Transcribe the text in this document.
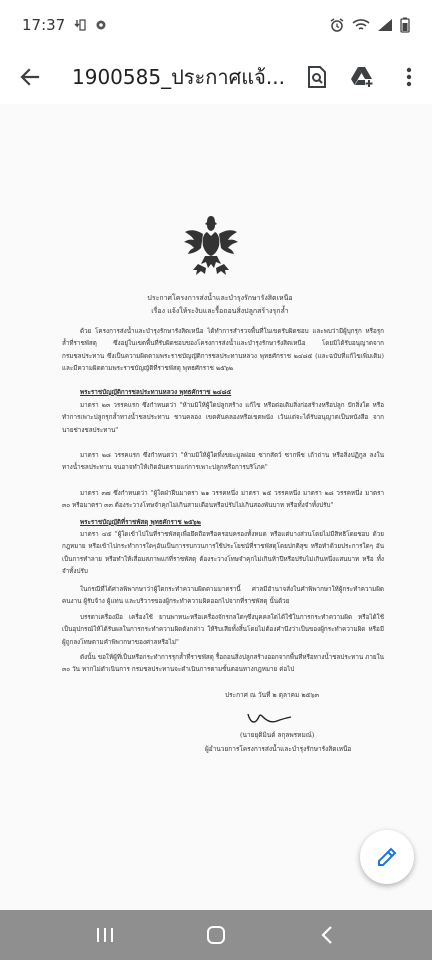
17:37
1900585_ประกาศแจ้...
ประกาศโครงการส่งน้ำและบำรุงรักษารังสิตเหนือ
เรื่อง แจ้งให้ระงับและรื้อถอนสิ่งปลูกสร้างรุกล้ำ
ด้วย โครงการส่งน้ำและบำรุงรักษารังสิตเหนือ ได้ทำการสำรวจพื้นที่ในเขตรับผิดชอบ และพบว่ามีผู้บุกรุก หรือรุกล้ำที่ราชพัสดุ ซึ่งอยู่ในเขตพื้นที่รับผิดชอบของโครงการส่งน้ำและบำรุงรักษารังสิตเหนือ โดยมิได้รับอนุญาตจาก กรมชลประทาน ซึ่งเป็นความผิดตามพระราชบัญญัติการชลประทานหลวง พุทธศักราช ๒๔๘๕ (และฉบับที่แก้ไขเพิ่มเติม) และมีความผิดตามพระราชบัญญัติที่ราชพัสดุ พุทธศักราช ๒๕๖๒
พระราชบัญญัติการชลประทานหลวง พุทธศักราช ๒๔๘๕
มาตรา ๒๓ วรรคแรก ซึ่งกำหนดว่า "ห้ามมิให้ผู้ใดปลูกสร้าง แก้ไข หรือต่อเติมสิ่งก่อสร้างหรือปลูก ปักสิ่งใด หรือทำการเพาะปลูกรุกล้ำทางน้ำชลประทาน ชานคลอง เขตคันคลองหรือเขตพนัง เว้นแต่จะได้รับอนุญาตเป็นหนังสือ จากนายช่างชลประทาน"
มาตรา ๒๘ วรรคแรก ซึ่งกำหนดว่า "ห้ามมิให้ผู้ใดทิ้งขยะมูลฝอย ซากสัตว์ ซากพืช เถ้าถ่าน หรือสิ่งปฏิกูล ลงในทางน้ำชลประทาน จนอาจทำให้เกิดอันตรายแก่การเพาะปลูกหรือการบริโภค"
มาตรา ๓๗ ซึ่งกำหนดว่า "ผู้ใดฝ่าฝืนมาตรา ๒๑ วรรคหนึ่ง มาตรา ๒๕ วรรคหนึ่ง มาตรา ๒๘ วรรคหนึ่ง มาตรา ๓๐ หรือมาตรา ๓๓ ต้องระวางโทษจำคุกไม่เกินสามเดือนหรือปรับไม่เกินสองพันบาท หรือทั้งจำทั้งปรับ"
พระราชบัญญัติที่ราชพัสดุ พุทธศักราช ๒๕๖๒
มาตรา ๔๕ "ผู้ใดเข้าไปในที่ราชพัสดุเพื่อยึดถือหรือครอบครองทั้งหมด หรือแต่บางส่วนโดยไม่มีสิทธิโดยชอบ ด้วยกฎหมาย หรือเข้าไปกระทำการใดๆอันเป็นการรบกวนการใช้ประโยชน์ที่ราชพัสดุโดยปกติสุข หรือทำด้วยประการใดๆ อันเป็นการทำลาย หรือทำให้เสื่อมสภาพแก่ที่ราชพัสดุ ต้องระวางโทษจำคุกไม่เกินห้าปีหรือปรับไม่เกินหนึ่งแสนบาท หรือ ทั้งจำทั้งปรับ
ในกรณีที่ได้ศาลพิพากษาว่าผู้ใดกระทำความผิดตามมาตรานี้ ศาลมีอำนาจสั่งในคำพิพากษาให้ผู้กระทำความผิด คนงาน ผู้รับจ้าง ผู้แทน และบริวารของผู้กระทำความผิดออกไปจากที่ราชพัสดุ นั้นด้วย
บรรดาเครื่องมือ เครื่องใช้ ยานพาหนะหรือเครื่องจักรกลใดๆซึ่งบุคคลใดได้ใช้ในการกระทำความผิด หรือได้ใช้ เป็นอุปกรณ์ให้ได้รับผลในการกระทำความผิดดังกล่าว ให้ริบเสียทั้งสิ้นโดยไม่ต้องคำนึงว่าเป็นของผู้กระทำความผิด หรือมี ผู้ถูกลงโทษตามคำพิพากษาของศาลหรือไม่"
ดังนั้น ขอให้ผู้ที่เป็นหรือกระทำการรุกล้ำที่ราชพัสดุ รื้อถอนสิ่งปลูกสร้างออกจากพื้นที่หรือทางน้ำชลประทาน ภายใน ๓๐ วัน หากไม่ดำเนินการ กรมชลประทานจะดำเนินการตามขั้นตอนทางกฎหมาย ต่อไป
ประกาศ ณ วันที่ ๒ ตุลาคม ๒๕๖๓
(นายยุติมินต์ ลกุลพรหมณ์)
ผู้อำนวยการโครงการส่งน้ำและบำรุงรักษารังสิตเหนือ
